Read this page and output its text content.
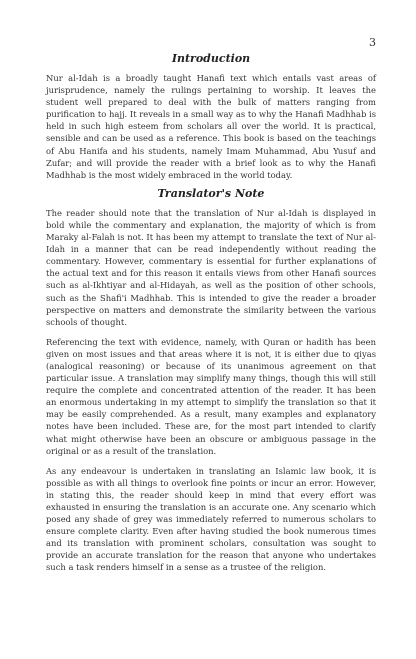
3
Introduction

Nur al-Idah is a broadly taught Hanafi text which entails vast areas of jurisprudence, namely the rulings pertaining to worship. It leaves the student well prepared to deal with the bulk of matters ranging from purification to hajj. It reveals in a small way as to why the Hanafi Madhhab is held in such high esteem from scholars all over the world. It is practical, sensible and can be used as a reference. This book is based on the teachings of Abu Hanifa and his students, namely Imam Muhammad, Abu Yusuf and Zufar; and will provide the reader with a brief look as to why the Hanafi Madhhab is the most widely embraced in the world today.

Translator's Note

The reader should note that the translation of Nur al-Idah is displayed in bold while the commentary and explanation, the majority of which is from Maraky al-Falah is not. It has been my attempt to translate the text of Nur al-Idah in a manner that can be read independently without reading the commentary. However, commentary is essential for further explanations of the actual text and for this reason it entails views from other Hanafi sources such as al-Ikhtiyar and al-Hidayah, as well as the position of other schools, such as the Shafi'i Madhhab. This is intended to give the reader a broader perspective on matters and demonstrate the similarity between the various schools of thought.

Referencing the text with evidence, namely, with Quran or hadith has been given on most issues and that areas where it is not, it is either due to qiyas (analogical reasoning) or because of its unanimous agreement on that particular issue. A translation may simplify many things, though this will still require the complete and concentrated attention of the reader. It has been an enormous undertaking in my attempt to simplify the translation so that it may be easily comprehended. As a result, many examples and explanatory notes have been included. These are, for the most part intended to clarify what might otherwise have been an obscure or ambiguous passage in the original or as a result of the translation.

As any endeavour is undertaken in translating an Islamic law book, it is possible as with all things to overlook fine points or incur an error. However, in stating this, the reader should keep in mind that every effort was exhausted in ensuring the translation is an accurate one. Any scenario which posed any shade of grey was immediately referred to numerous scholars to ensure complete clarity. Even after having studied the book numerous times and its translation with prominent scholars, consultation was sought to provide an accurate translation for the reason that anyone who undertakes such a task renders himself in a sense as a trustee of the religion.
